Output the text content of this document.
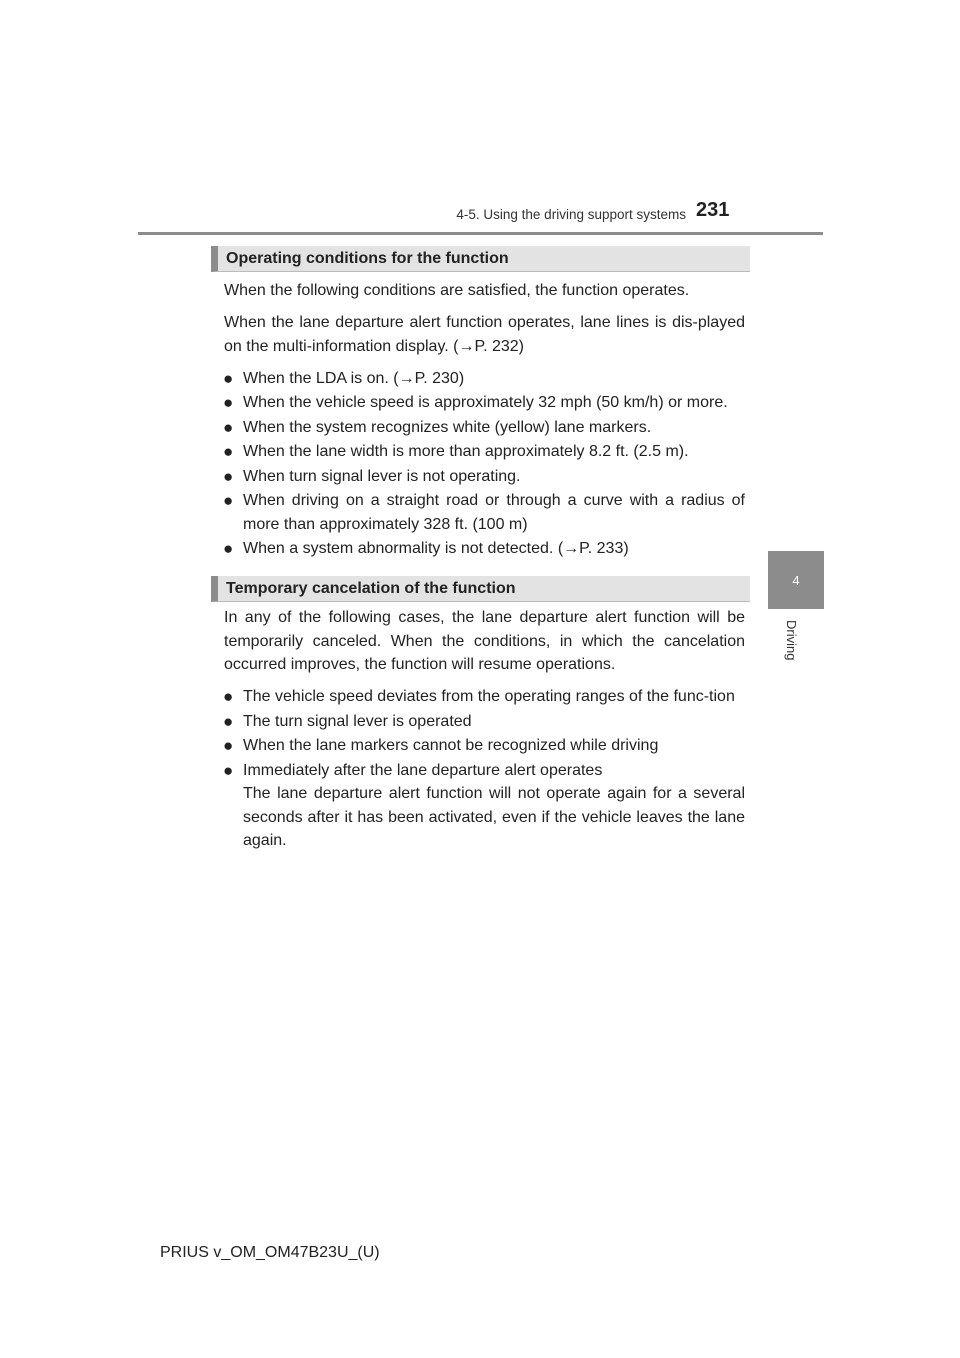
4-5. Using the driving support systems 231
4
Driving
Operating conditions for the function

When the following conditions are satisfied, the function operates.

When the lane departure alert function operates, lane lines is dis-played on the multi-information display. (→P. 232)

● When the LDA is on. (→P. 230)
● When the vehicle speed is approximately 32 mph (50 km/h) or more.
● When the system recognizes white (yellow) lane markers.
● When the lane width is more than approximately 8.2 ft. (2.5 m).
● When turn signal lever is not operating.
● When driving on a straight road or through a curve with a radius of more than approximately 328 ft. (100 m)
● When a system abnormality is not detected. (→P. 233)
Temporary cancelation of the function

In any of the following cases, the lane departure alert function will be temporarily canceled. When the conditions, in which the cancelation occurred improves, the function will resume operations.

● The vehicle speed deviates from the operating ranges of the func-tion
● The turn signal lever is operated
● When the lane markers cannot be recognized while driving
● Immediately after the lane departure alert operates
The lane departure alert function will not operate again for a several seconds after it has been activated, even if the vehicle leaves the lane again.
PRIUS v_OM_OM47B23U_(U)
